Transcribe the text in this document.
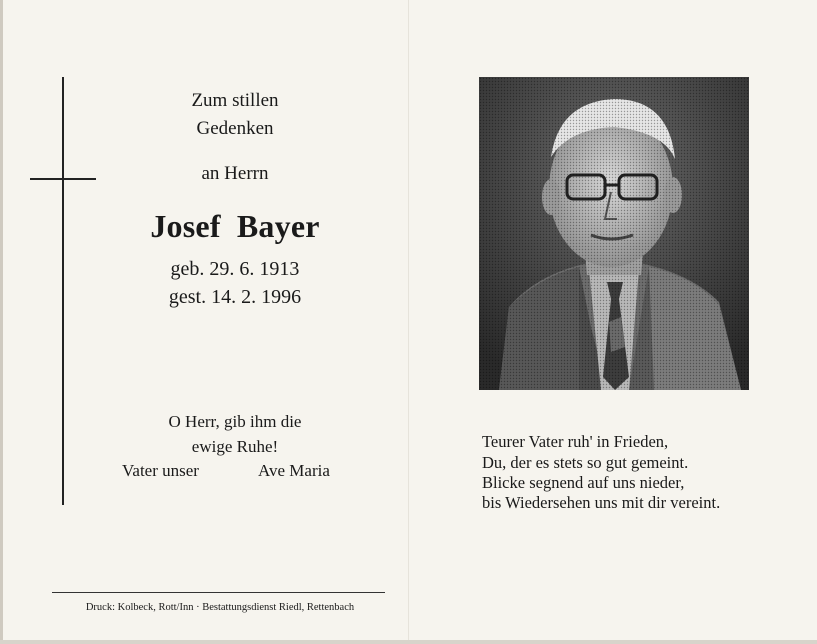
Zum stillen
Gedenken
an Herrn
Josef Bayer
geb. 29. 6. 1913
gest. 14. 2. 1996
O Herr, gib ihm die
ewige Ruhe!
Vater unser	Ave Maria
Druck: Kolbeck, Rott/Inn · Bestattungsdienst Riedl, Rettenbach
Teurer Vater ruh' in Frieden,
Du, der es stets so gut gemeint.
Blicke segnend auf uns nieder,
bis Wiedersehen uns mit dir vereint.
